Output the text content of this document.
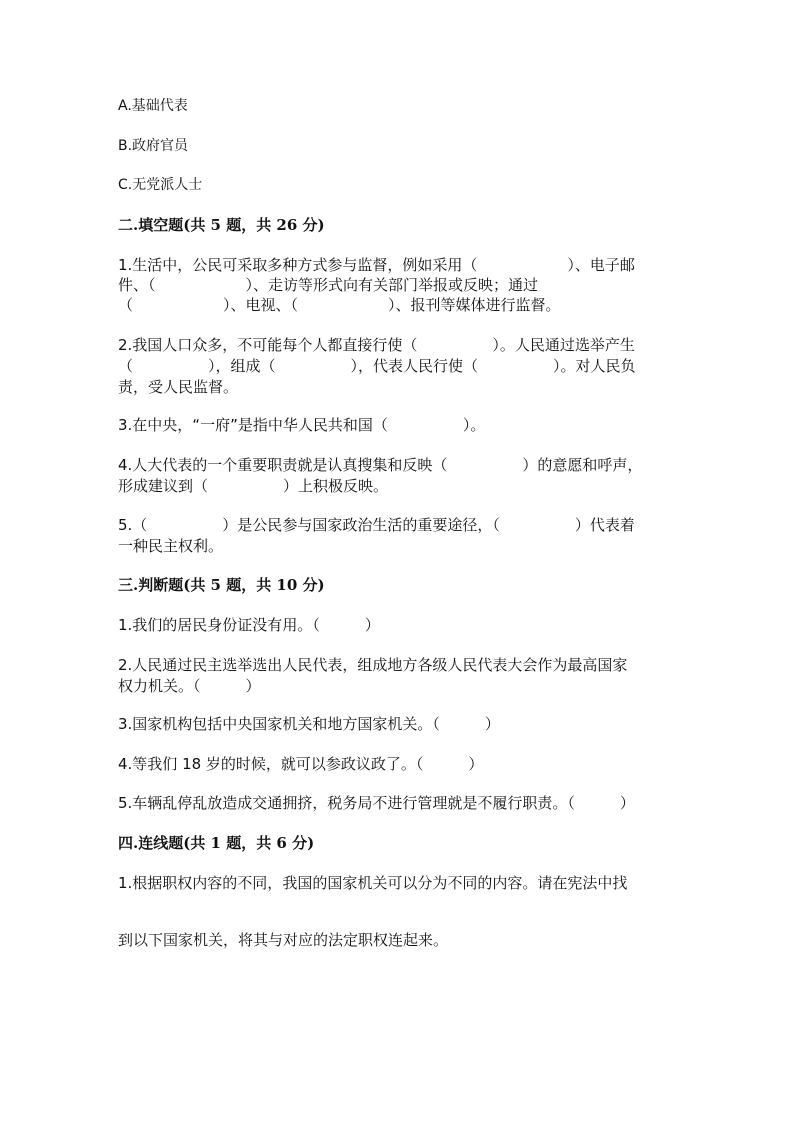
A.基础代表
B.政府官员
C.无党派人士
二.填空题(共 5 题，共 26 分)
1.生活中，公民可采取多种方式参与监督，例如采用（　　　　　　）、电子邮
件、（　　　　　　）、走访等形式向有关部门举报或反映；通过
（　　　　　　）、电视、（　　　　　　）、报刊等媒体进行监督。
2.我国人口众多，不可能每个人都直接行使（　　　　　）。人民通过选举产生
（　　　　　），组成（　　　　　），代表人民行使（　　　　　）。对人民负
责，受人民监督。
3.在中央，“一府”是指中华人民共和国（　　　　　）。
4.人大代表的一个重要职责就是认真搜集和反映（　　　　　）的意愿和呼声，
形成建议到（　　　　　）上积极反映。
5.（　　　　　）是公民参与国家政治生活的重要途径，（　　　　　）代表着
一种民主权利。
三.判断题(共 5 题，共 10 分)
1.我们的居民身份证没有用。（　　　）
2.人民通过民主选举选出人民代表，组成地方各级人民代表大会作为最高国家
权力机关。（　　　）
3.国家机构包括中央国家机关和地方国家机关。（　　　）
4.等我们 18 岁的时候，就可以参政议政了。（　　　）
5.车辆乱停乱放造成交通拥挤，税务局不进行管理就是不履行职责。（　　　）
四.连线题(共 1 题，共 6 分)
1.根据职权内容的不同，我国的国家机关可以分为不同的内容。请在宪法中找
到以下国家机关，将其与对应的法定职权连起来。
